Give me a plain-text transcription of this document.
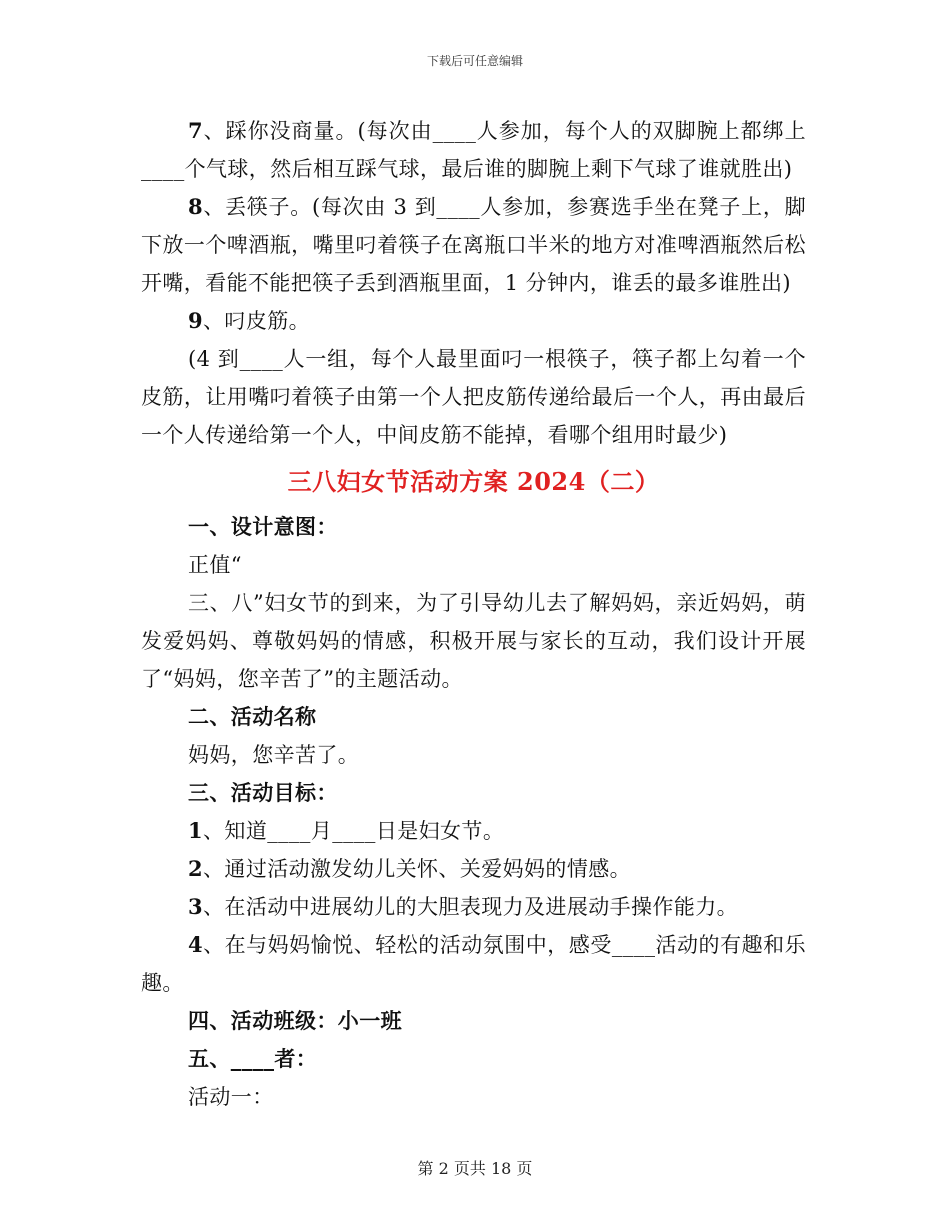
下载后可任意编辑

7、踩你没商量。(每次由____人参加，每个人的双脚腕上都绑上____个气球，然后相互踩气球，最后谁的脚腕上剩下气球了谁就胜出)

8、丢筷子。(每次由 3 到____人参加，参赛选手坐在凳子上，脚下放一个啤酒瓶，嘴里叼着筷子在离瓶口半米的地方对准啤酒瓶然后松开嘴，看能不能把筷子丢到酒瓶里面，1 分钟内，谁丢的最多谁胜出)

9、叼皮筋。

(4 到____人一组，每个人最里面叼一根筷子，筷子都上勾着一个皮筋，让用嘴叼着筷子由第一个人把皮筋传递给最后一个人，再由最后一个人传递给第一个人，中间皮筋不能掉，看哪个组用时最少)

三八妇女节活动方案 2024（二）

一、设计意图：

正值“

三、八”妇女节的到来，为了引导幼儿去了解妈妈，亲近妈妈，萌发爱妈妈、尊敬妈妈的情感，积极开展与家长的互动，我们设计开展了“妈妈，您辛苦了”的主题活动。

二、活动名称

妈妈，您辛苦了。

三、活动目标：

1、知道____月____日是妇女节。

2、通过活动激发幼儿关怀、关爱妈妈的情感。

3、在活动中进展幼儿的大胆表现力及进展动手操作能力。

4、在与妈妈愉悦、轻松的活动氛围中，感受____活动的有趣和乐趣。

四、活动班级：小一班

五、____者：

活动一：

第 2 页共 18 页
